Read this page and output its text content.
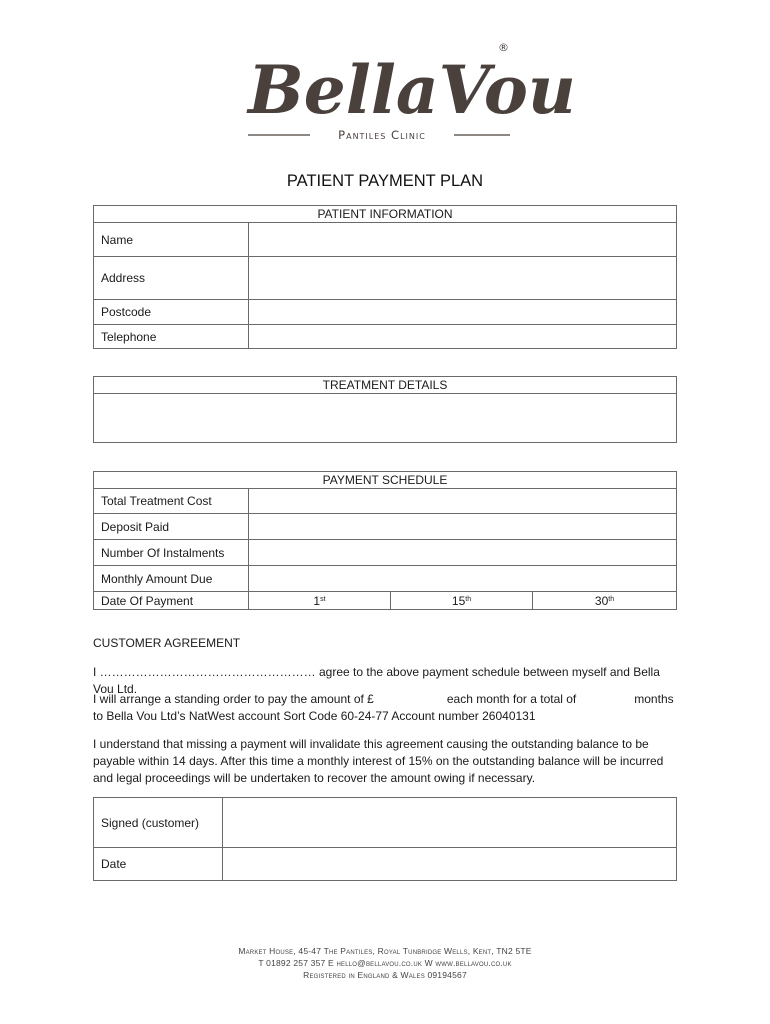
BellaVou
®
Pantiles Clinic
PATIENT PAYMENT PLAN
PATIENT INFORMATION	
Name	
Address	
Postcode	
Telephone	
TREATMENT DETAILS

PAYMENT SCHEDULE			
Total Treatment Cost			
Deposit Paid			
Number Of Instalments			
Monthly Amount Due			
Date Of Payment	1st	15th	30th
CUSTOMER AGREEMENT
I ……………………………………………… agree to the above payment schedule between myself and Bella Vou Ltd.
I will arrange a standing order to pay the amount of £	each month for a total of	months
to Bella Vou Ltd’s NatWest account Sort Code 60-24-77 Account number 26040131
I understand that missing a payment will invalidate this agreement causing the outstanding balance to be payable within 14 days. After this time a monthly interest of 15% on the outstanding balance will be incurred and legal proceedings will be undertaken to recover the amount owing if necessary.
Signed (customer)	
Date	
Market House, 45-47 The Pantiles, Royal Tunbridge Wells, Kent, TN2 5TE
T 01892 257 357 E hello@bellavou.co.uk W www.bellavou.co.uk
Registered in England & Wales 09194567
